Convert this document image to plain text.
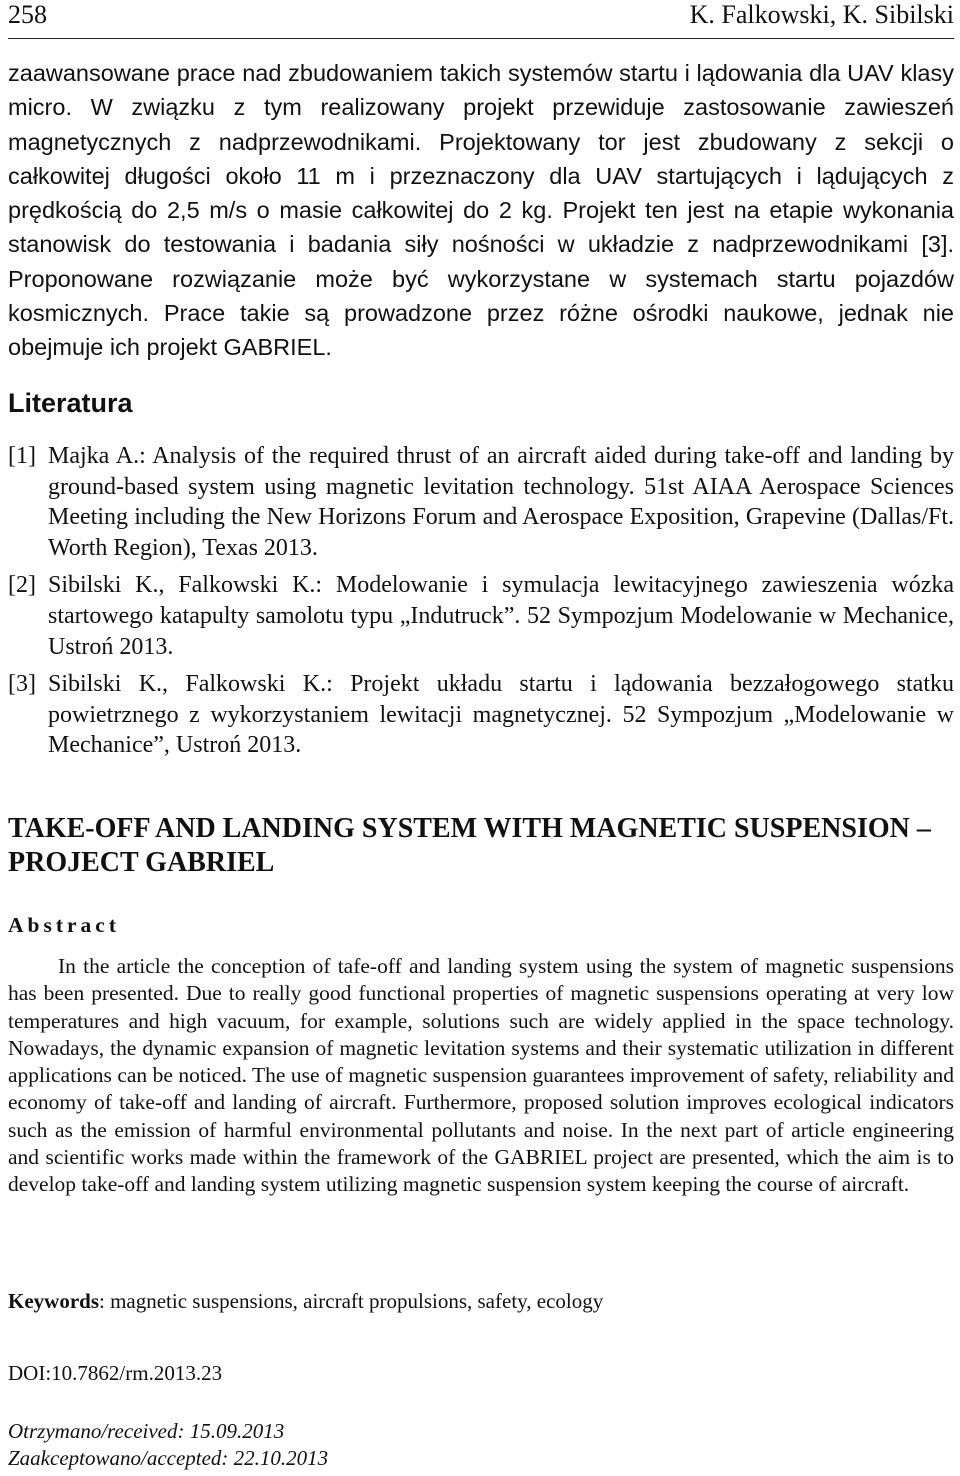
258	K. Falkowski, K. Sibilski
zaawansowane prace nad zbudowaniem takich systemów startu i lądowania dla UAV klasy micro. W związku z tym realizowany projekt przewiduje zastosowanie zawieszeń magnetycznych z nadprzewodnikami. Projektowany tor jest zbudowany z sekcji o całkowitej długości około 11 m i przeznaczony dla UAV startujących i lądujących z prędkością do 2,5 m/s o masie całkowitej do 2 kg. Projekt ten jest na etapie wykonania stanowisk do testowania i badania siły nośności w układzie z nadprzewodnikami [3]. Proponowane rozwiązanie może być wykorzystane w systemach startu pojazdów kosmicznych. Prace takie są prowadzone przez różne ośrodki naukowe, jednak nie obejmuje ich projekt GABRIEL.
Literatura
[1] Majka A.: Analysis of the required thrust of an aircraft aided during take-off and landing by ground-based system using magnetic levitation technology. 51st AIAA Aerospace Sciences Meeting including the New Horizons Forum and Aerospace Exposition, Grapevine (Dallas/Ft. Worth Region), Texas 2013.
[2] Sibilski K., Falkowski K.: Modelowanie i symulacja lewitacyjnego zawieszenia wózka startowego katapulty samolotu typu „Indutruck”. 52 Sympozjum Modelowanie w Mechanice, Ustroń 2013.
[3] Sibilski K., Falkowski K.: Projekt układu startu i lądowania bezzałogowego statku powietrznego z wykorzystaniem lewitacji magnetycznej. 52 Sympozjum „Modelowanie w Mechanice”, Ustroń 2013.
TAKE-OFF AND LANDING SYSTEM WITH MAGNETIC SUSPENSION – PROJECT GABRIEL
Abstract
In the article the conception of tafe-off and landing system using the system of magnetic suspensions has been presented. Due to really good functional properties of magnetic suspensions operating at very low temperatures and high vacuum, for example, solutions such are widely applied in the space technology. Nowadays, the dynamic expansion of magnetic levitation systems and their systematic utilization in different applications can be noticed. The use of magnetic suspension guarantees improvement of safety, reliability and economy of take-off and landing of aircraft. Furthermore, proposed solution improves ecological indicators such as the emission of harmful environmental pollutants and noise. In the next part of article engineering and scientific works made within the framework of the GABRIEL project are presented, which the aim is to develop take-off and landing system utilizing magnetic suspension system keeping the course of aircraft.
Keywords: magnetic suspensions, aircraft propulsions, safety, ecology
DOI:10.7862/rm.2013.23
Otrzymano/received: 15.09.2013
Zaakceptowano/accepted: 22.10.2013
